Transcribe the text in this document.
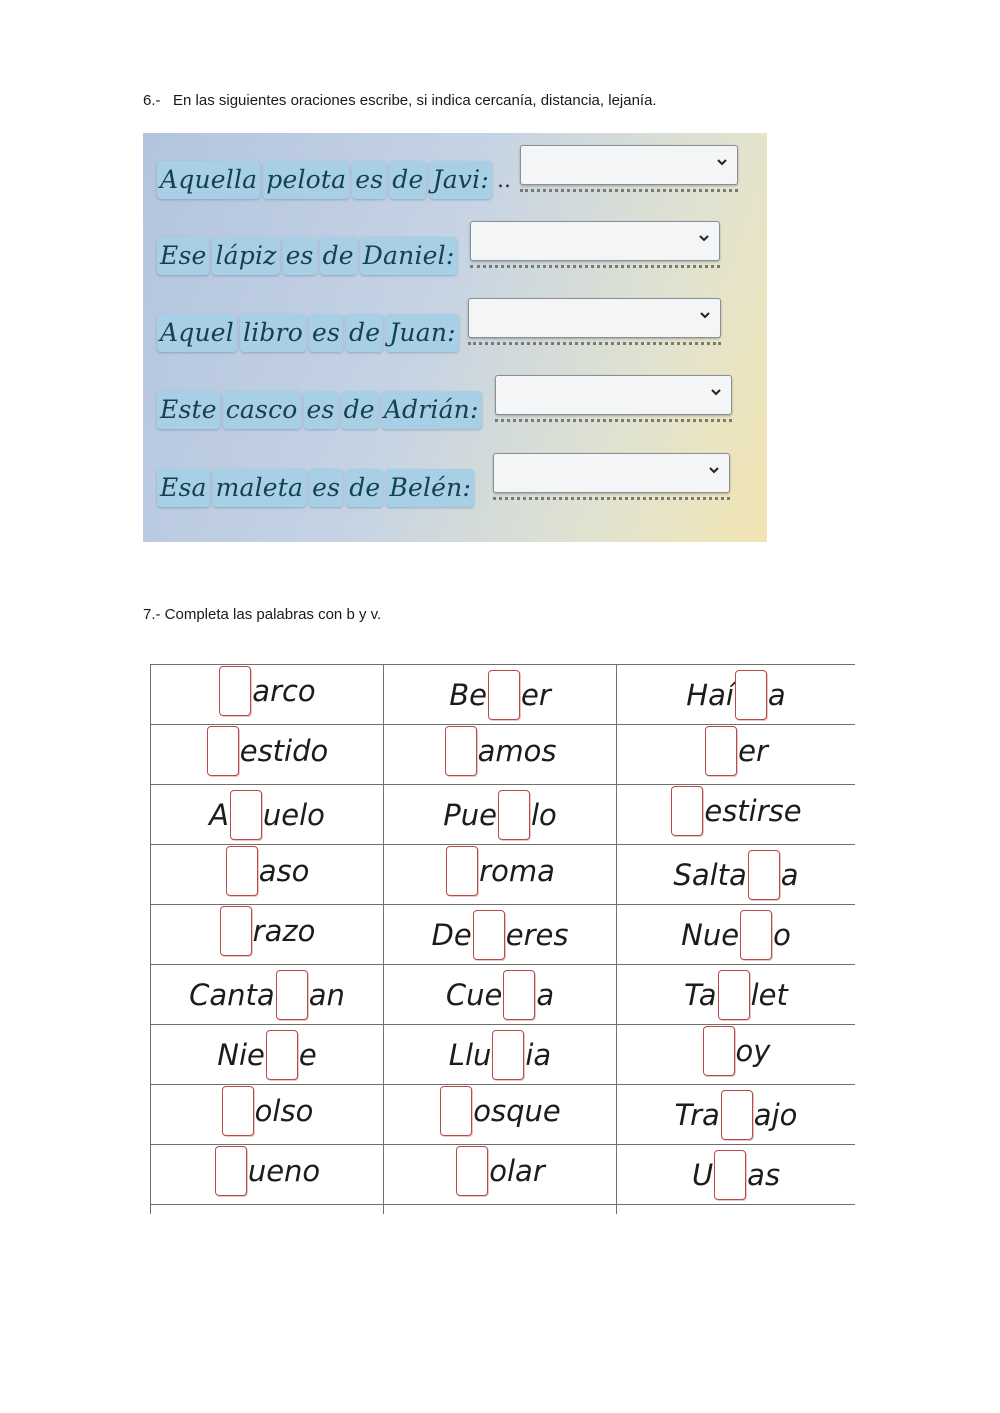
6.-   En las siguientes oraciones escribe, si indica cercanía, distancia, lejanía.

Aquella pelota es de Javi: ..
Ese lápiz es de Daniel:
Aquel libro es de Juan:
Este casco es de Adrián:
Esa maleta es de Belén:

7.- Completa las palabras con b y v.

arco	Be er	Haí a

estido	amos	er

A uelo	Pue lo	estirse

aso	roma	Salta a

razo	De eres	Nue o

Canta an	Cue a	Ta let

Nie e	Llu ia	oy

olso	osque	Tra ajo

ueno	olar	U as
